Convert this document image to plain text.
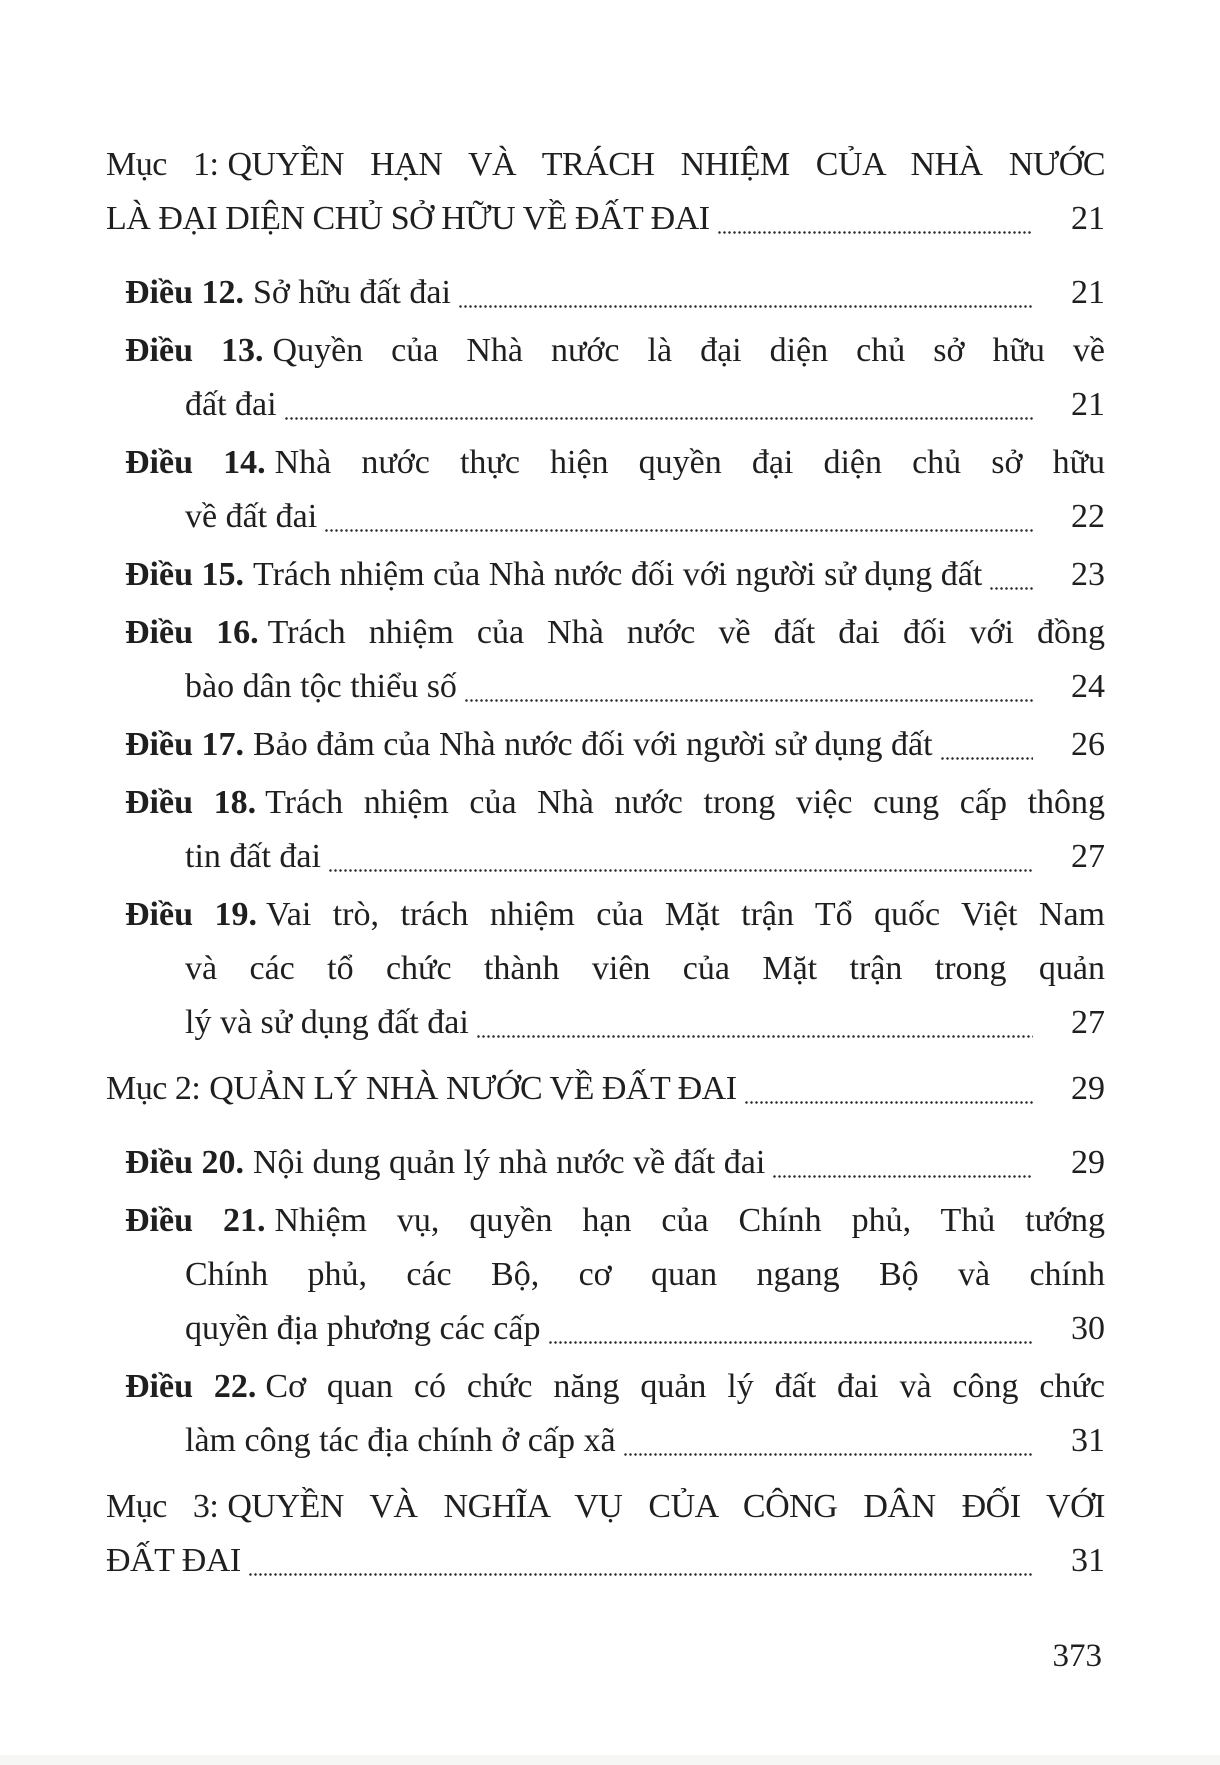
Mục 1: QUYỀN HẠN VÀ TRÁCH NHIỆM CỦA NHÀ NƯỚC
LÀ ĐẠI DIỆN CHỦ SỞ HỮU VỀ ĐẤT ĐAI	21
Điều 12. Sở hữu đất đai	21
Điều 13. Quyền của Nhà nước là đại diện chủ sở hữu về
đất đai	21
Điều 14. Nhà nước thực hiện quyền đại diện chủ sở hữu
về đất đai	22
Điều 15. Trách nhiệm của Nhà nước đối với người sử dụng đất	23
Điều 16. Trách nhiệm của Nhà nước về đất đai đối với đồng
bào dân tộc thiểu số	24
Điều 17. Bảo đảm của Nhà nước đối với người sử dụng đất	26
Điều 18. Trách nhiệm của Nhà nước trong việc cung cấp thông
tin đất đai	27
Điều 19. Vai trò, trách nhiệm của Mặt trận Tổ quốc Việt Nam
và các tổ chức thành viên của Mặt trận trong quản
lý và sử dụng đất đai	27
Mục 2: QUẢN LÝ NHÀ NƯỚC VỀ ĐẤT ĐAI	29
Điều 20. Nội dung quản lý nhà nước về đất đai	29
Điều 21. Nhiệm vụ, quyền hạn của Chính phủ, Thủ tướng
Chính phủ, các Bộ, cơ quan ngang Bộ và chính
quyền địa phương các cấp	30
Điều 22. Cơ quan có chức năng quản lý đất đai và công chức
làm công tác địa chính ở cấp xã	31
Mục 3: QUYỀN VÀ NGHĨA VỤ CỦA CÔNG DÂN ĐỐI VỚI
ĐẤT ĐAI	31
373
